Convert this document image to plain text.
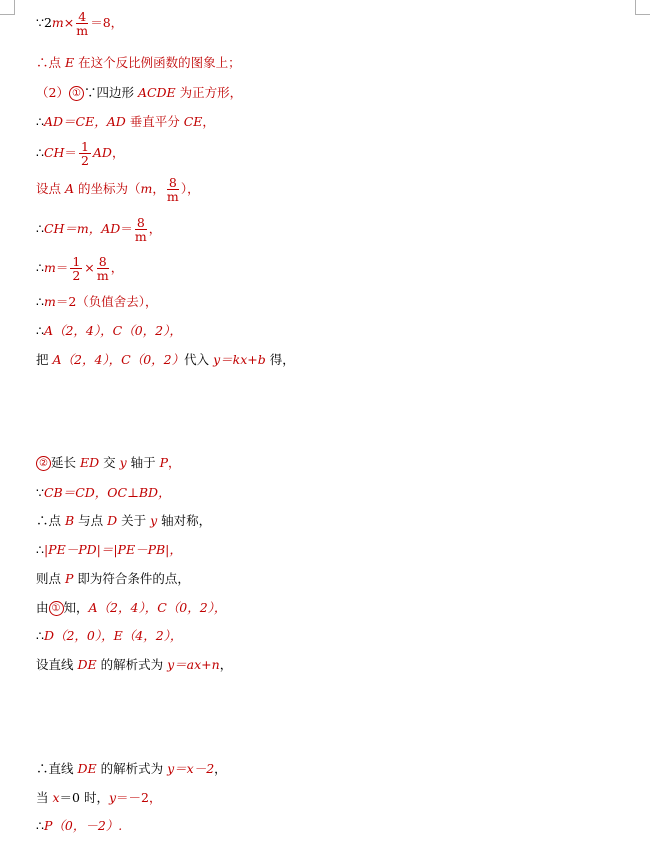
∵2m× $\frac{4}{m} =8$，
∴点 E 在这个反比例函数的图象上；
（2） ① ∵四边形 ACDE 为正方形，
∴AD＝CE，AD 垂直平分 CE，
∴CH＝ $\frac{1}{2}$ AD，
设点 A 的坐标为（m， $\frac{8}{m}$ ），
∴CH＝m，$AD= \frac{8}{m}$ ，
∴m＝ $\frac{1}{2} \times \frac{8}{m}$ ，
∴m＝2（负值舍去），
∴A（2，4），C（0，2），
把 A（2，4），C（0，2）代入 y＝kx+b 得，
② 延长 ED 交 y 轴于 P，
∵CB＝CD，OC⊥BD，
∴点 B 与点 D 关于 y 轴对称，
∴|PE－PD|＝|PE－PB|，
则点 P 即为符合条件的点，
由 ① 知，A（2，4），C（0，2），
∴D（2，0），E（4，2），
设直线 DE 的解析式为 y＝ax+n，
∴直线 DE 的解析式为 y＝x－2，
当 x＝0 时，y＝－2，
∴P（0，－2）.
